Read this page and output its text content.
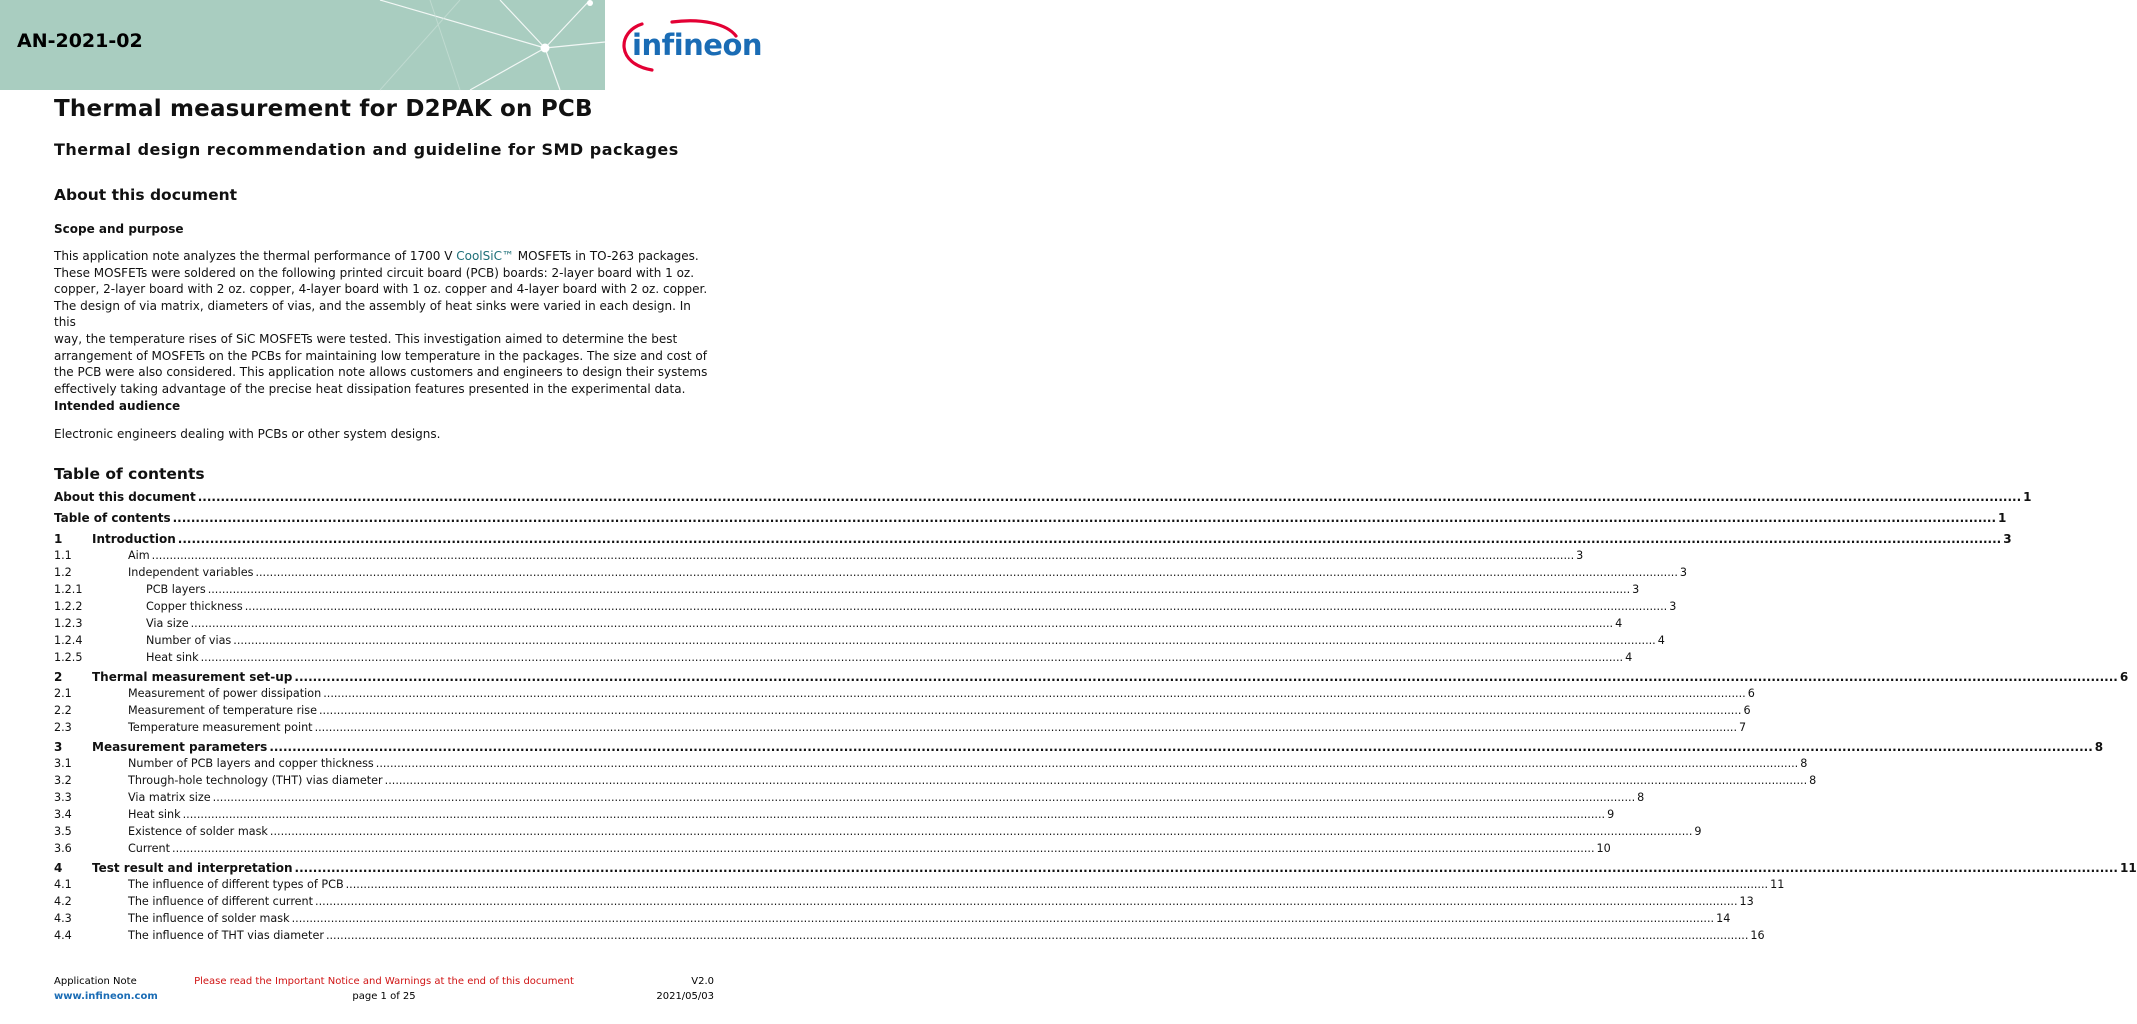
AN-2021-02	infineon
Thermal measurement for D2PAK on PCB
Thermal design recommendation and guideline for SMD packages
About this document
Scope and purpose
This application note analyzes the thermal performance of 1700 V CoolSiC™ MOSFETs in TO-263 packages.
These MOSFETs were soldered on the following printed circuit board (PCB) boards: 2-layer board with 1 oz.
copper, 2-layer board with 2 oz. copper, 4-layer board with 1 oz. copper and 4-layer board with 2 oz. copper.
The design of via matrix, diameters of vias, and the assembly of heat sinks were varied in each design. In this
way, the temperature rises of SiC MOSFETs were tested. This investigation aimed to determine the best
arrangement of MOSFETs on the PCBs for maintaining low temperature in the packages. The size and cost of
the PCB were also considered. This application note allows customers and engineers to design their systems
effectively taking advantage of the precise heat dissipation features presented in the experimental data.
Intended audience

Electronic engineers dealing with PCBs or other system designs.

Table of contents
About this document ................................................................................................................................................................................................................................................................................................................................................................................................................ 1
Table of contents ................................................................................................................................................................................................................................................................................................................................................................................................................ 1
1	Introduction ................................................................................................................................................................................................................................................................................................................................................................................................................ 3
1.1	Aim ................................................................................................................................................................................................................................................................................................................................................................................................................ 3
1.2	Independent variables ................................................................................................................................................................................................................................................................................................................................................................................................................ 3
1.2.1	PCB layers ................................................................................................................................................................................................................................................................................................................................................................................................................ 3
1.2.2	Copper thickness ................................................................................................................................................................................................................................................................................................................................................................................................................ 3
1.2.3	Via size ................................................................................................................................................................................................................................................................................................................................................................................................................ 4
1.2.4	Number of vias ................................................................................................................................................................................................................................................................................................................................................................................................................ 4
1.2.5	Heat sink ................................................................................................................................................................................................................................................................................................................................................................................................................ 4
2	Thermal measurement set-up ................................................................................................................................................................................................................................................................................................................................................................................................................ 6
2.1	Measurement of power dissipation ................................................................................................................................................................................................................................................................................................................................................................................................................ 6
2.2	Measurement of temperature rise ................................................................................................................................................................................................................................................................................................................................................................................................................ 6
2.3	Temperature measurement point ................................................................................................................................................................................................................................................................................................................................................................................................................ 7
3	Measurement parameters ................................................................................................................................................................................................................................................................................................................................................................................................................ 8
3.1	Number of PCB layers and copper thickness ................................................................................................................................................................................................................................................................................................................................................................................................................ 8
3.2	Through-hole technology (THT) vias diameter ................................................................................................................................................................................................................................................................................................................................................................................................................ 8
3.3	Via matrix size ................................................................................................................................................................................................................................................................................................................................................................................................................ 8
3.4	Heat sink ................................................................................................................................................................................................................................................................................................................................................................................................................ 9
3.5	Existence of solder mask ................................................................................................................................................................................................................................................................................................................................................................................................................ 9
3.6	Current ................................................................................................................................................................................................................................................................................................................................................................................................................ 10
4	Test result and interpretation ................................................................................................................................................................................................................................................................................................................................................................................................................ 11
4.1	The influence of different types of PCB ................................................................................................................................................................................................................................................................................................................................................................................................................ 11
4.2	The influence of different current ................................................................................................................................................................................................................................................................................................................................................................................................................ 13
4.3	The influence of solder mask ................................................................................................................................................................................................................................................................................................................................................................................................................ 14
4.4	The influence of THT vias diameter ................................................................................................................................................................................................................................................................................................................................................................................................................ 16
Application Note
www.infineon.com
Please read the Important Notice and Warnings at the end of this document
page 1 of 25
V2.0
2021/05/03
